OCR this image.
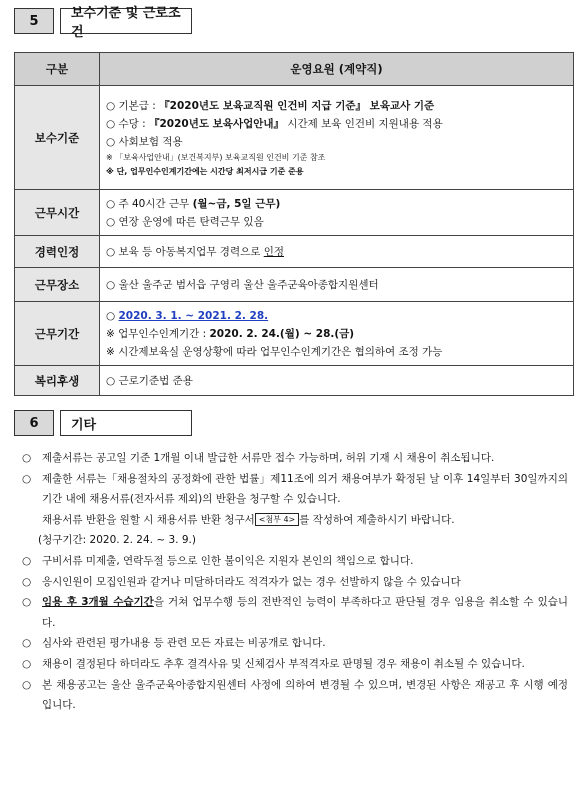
5	보수기준 및 근로조건
구분	운영요원 (계약직)
보수기준	○ 기본급 : 『2020년도 보육교직원 인건비 지급 기준』 보육교사 기준
○ 수당 : 『2020년도 보육사업안내』 시간제 보육 인건비 지원내용 적용
○ 사회보험 적용
※ 「보육사업안내」(보건복지부) 보육교직원 인건비 기준 참조
※ 단, 업무인수인계기간에는 시간당 최저시급 기준 준용

근무시간	○ 주 40시간 근무 (월~금, 5일 근무)
○ 연장 운영에 따른 탄력근무 있음

경력인정	○ 보육 등 아동복지업무 경력으로 인정

근무장소	○ 울산 울주군 범서읍 구영리 울산 울주군육아종합지원센터

근무기간	○ 2020. 3. 1. ~ 2021. 2. 28.
※ 업무인수인계기간 : 2020. 2. 24.(월) ~ 28.(금)
※ 시간제보육실 운영상황에 따라 업무인수인계기간은 협의하여 조정 가능

복리후생	○ 근로기준법 준용
6	기타
○	제출서류는 공고일 기준 1개월 이내 발급한 서류만 접수 가능하며, 허위 기재 시 채용이 취소됩니다.
○	제출한 서류는「채용절차의 공정화에 관한 법률」제11조에 의거 채용여부가 확정된 날 이후 14일부터 30일까지의 기간 내에 채용서류(전자서류 제외)의 반환을 청구할 수 있습니다.
채용서류 반환을 원할 시 채용서류 반환 청구서 <첨부 4> 를 작성하여 제출하시기 바랍니다.
(청구기간: 2020. 2. 24. ~ 3. 9.)
○	구비서류 미제출, 연락두절 등으로 인한 불이익은 지원자 본인의 책임으로 합니다.
○	응시인원이 모집인원과 같거나 미달하더라도 적격자가 없는 경우 선발하지 않을 수 있습니다
○	임용 후 3개월 수습기간을 거쳐 업무수행 등의 전반적인 능력이 부족하다고 판단될 경우 임용을 취소할 수 있습니다.
○	심사와 관련된 평가내용 등 관련 모든 자료는 비공개로 합니다.
○	채용이 결정된다 하더라도 추후 결격사유 및 신체검사 부적격자로 판명될 경우 채용이 취소될 수 있습니다.
○	본 채용공고는 울산 울주군육아종합지원센터 사정에 의하여 변경될 수 있으며, 변경된 사항은 재공고 후 시행 예정입니다.
